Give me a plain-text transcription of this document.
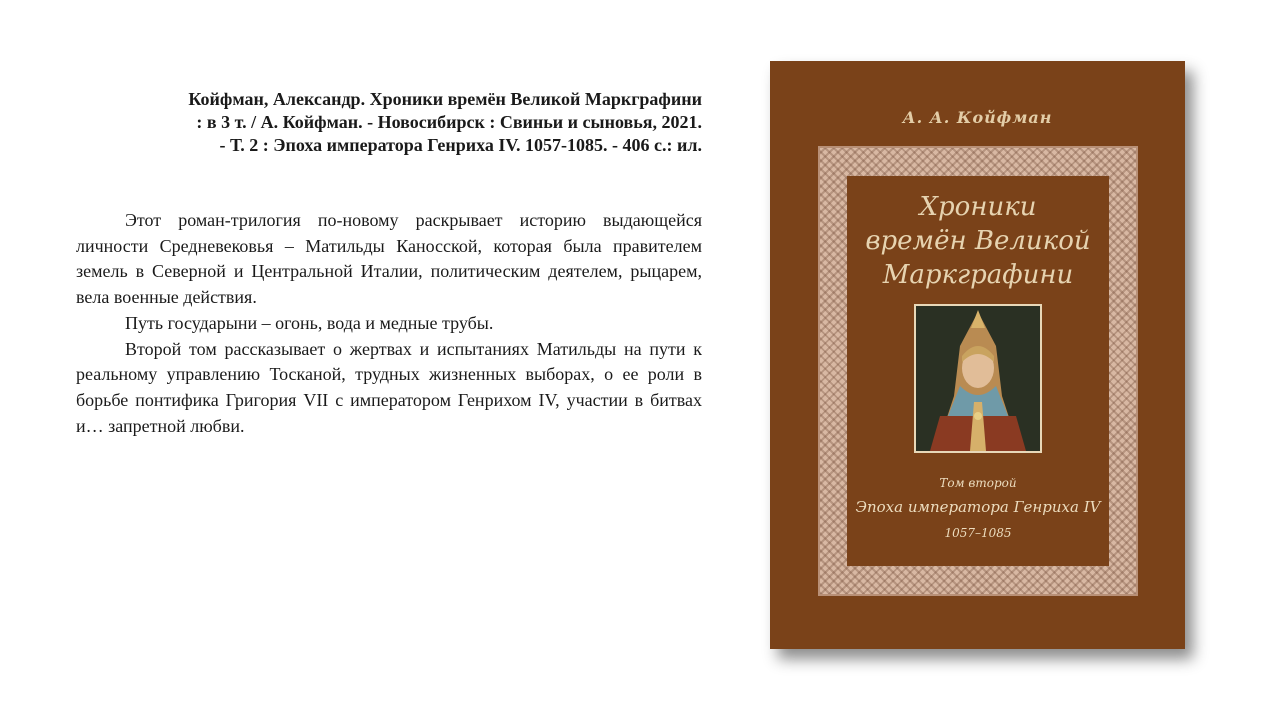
Койфман, Александр. Хроники времён Великой Маркграфини
: в 3 т. / А. Койфман. - Новосибирск : Свиньи и сыновья, 2021.
- Т. 2 : Эпоха императора Генриха IV. 1057-1085. - 406 с.: ил.

Этот роман-трилогия по-новому раскрывает историю выдающейся личности Средневековья – Матильды Каносской, которая была правителем земель в Северной и Центральной Италии, политическим деятелем, рыцарем, вела военные действия.

Путь государыни – огонь, вода и медные трубы.

Второй том рассказывает о жертвах и испытаниях Матильды на пути к реальному управлению Тосканой, трудных жизненных выборах, о ее роли в борьбе понтифика Григория VII с императором Генрихом IV, участии в битвах и… запретной любви.

А. А. Койфман
Хроники
времён Великой
Маркграфини
Том второй
Эпоха императора Генриха IV
1057–1085
